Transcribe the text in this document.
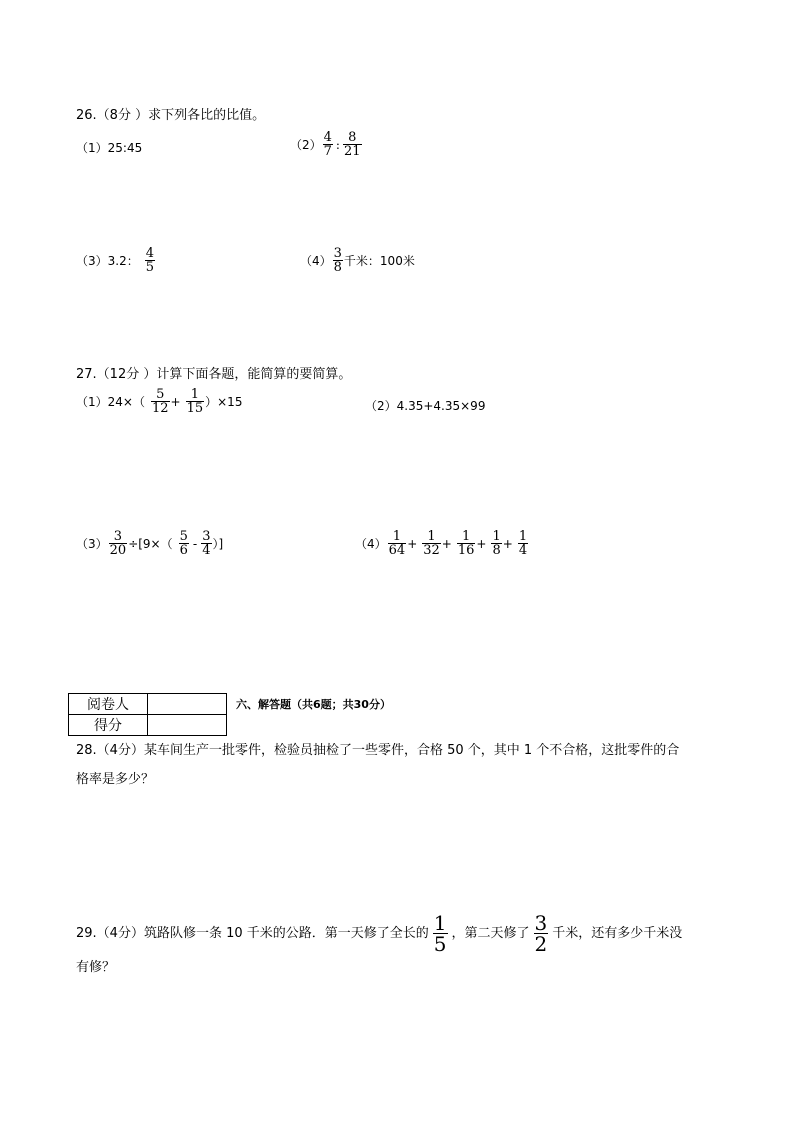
26.（8分 ）求下列各比的比值。
（1）25:45	$(2) \frac{4}{7}$ : $\frac{8}{21}$
（3）3.2： $\frac{4}{5}$	$(4) \frac{3}{8}$ 千米：100米
27.（12分 ）计算下面各题，能简算的要简算。
$(1)24\times( \frac{5}{12} + \frac{1}{15} )\times 15$	（2）4.35+4.35×99
$(3) \frac{3}{20} \div[9\times( \frac{5}{6} - \frac{3}{4}$ ）]	$(4) \frac{1}{64} + \frac{1}{32} + \frac{1}{16} + \frac{1}{8} + \frac{1}{4}$
阅卷人	
得分	
六、解答题（共6题；共30分）
28.（4分）某车间生产一批零件，检验员抽检了一些零件，合格 50 个，其中 1 个不合格，这批零件的合
格率是多少？
29.（4分）筑路队修一条 10 千米的公路．第一天修了全长的 $\frac{1}{5}$ ，第二天修了 $\frac{3}{2}$ 千米，还有多少千米没
有修？
